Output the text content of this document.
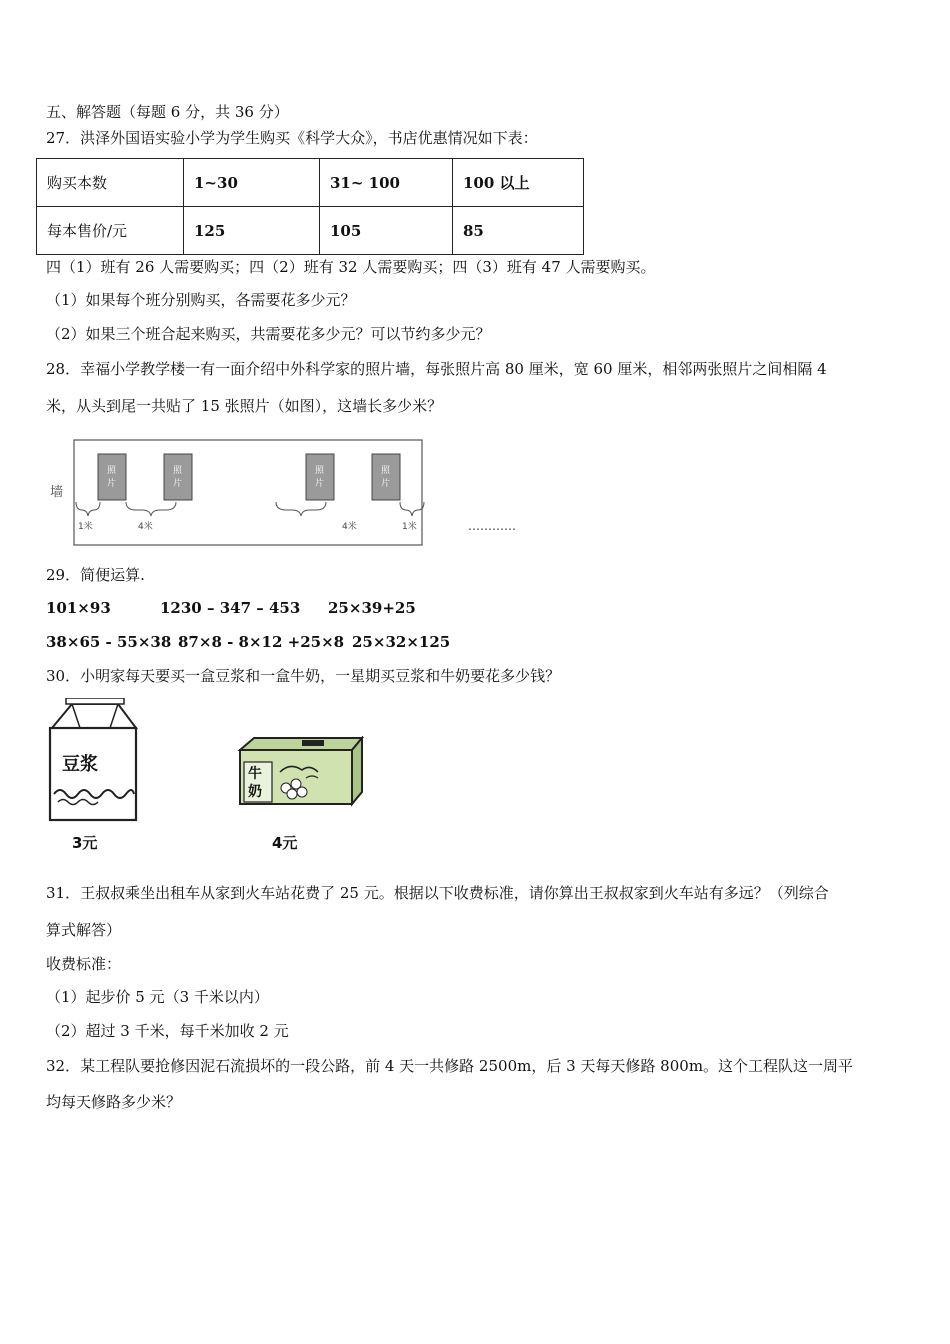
五、解答题（每题 6 分，共 36 分）
27．洪泽外国语实验小学为学生购买《科学大众》，书店优惠情况如下表：
购买本数	1~30	31~ 100	100 以上
每本售价/元	125	105	85
四（1）班有 26 人需要购买；四（2）班有 32 人需要购买；四（3）班有 47 人需要购买。
（1）如果每个班分别购买，各需要花多少元？
（2）如果三个班合起来购买，共需要花多少元？可以节约多少元？
28．幸福小学教学楼一有一面介绍中外科学家的照片墙，每张照片高 80 厘米，宽 60 厘米，相邻两张照片之间相隔 4
米，从头到尾一共贴了 15 张照片（如图），这墙长多少米？
墙
照
片
照
片
照
片
照
片
1米	4米	4米	1米	…………
29．简便运算.
101×93	1230 – 347 – 453 25×39+25
38×65 - 55×38 87×8 - 8×12 +25×8 25×32×125
30．小明家每天要买一盒豆浆和一盒牛奶，一星期买豆浆和牛奶要花多少钱？
豆浆
3元
牛
奶
4元
31．王叔叔乘坐出租车从家到火车站花费了 25 元。根据以下收费标准，请你算出王叔叔家到火车站有多远？（列综合
算式解答）
收费标准：
（1）起步价 5 元（3 千米以内）
（2）超过 3 千米，每千米加收 2 元
32．某工程队要抢修因泥石流损坏的一段公路，前 4 天一共修路 2500m，后 3 天每天修路 800m。这个工程队这一周平
均每天修路多少米？
